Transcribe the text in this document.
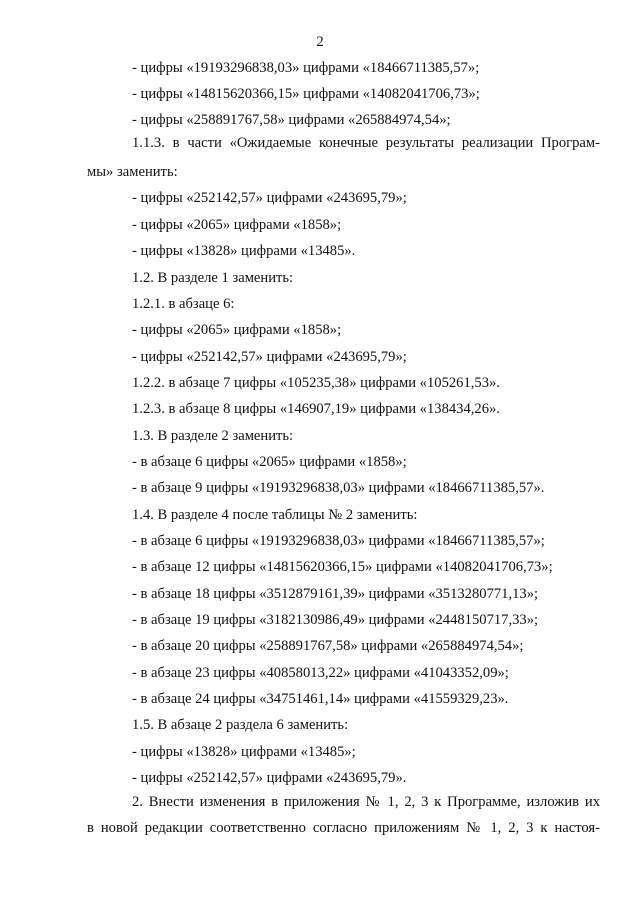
2
- цифры «19193296838,03» цифрами «18466711385,57»;
- цифры «14815620366,15» цифрами «14082041706,73»;
- цифры «258891767,58» цифрами «265884974,54»;
1.1.3. в части «Ожидаемые конечные результаты реализации Програм-
мы» заменить:
- цифры «252142,57» цифрами «243695,79»;
- цифры «2065» цифрами «1858»;
- цифры «13828» цифрами «13485».
1.2. В разделе 1 заменить:
1.2.1. в абзаце 6:
- цифры «2065» цифрами «1858»;
- цифры «252142,57» цифрами «243695,79»;
1.2.2. в абзаце 7 цифры «105235,38» цифрами «105261,53».
1.2.3. в абзаце 8 цифры «146907,19» цифрами «138434,26».
1.3. В разделе 2 заменить:
- в абзаце 6 цифры «2065» цифрами «1858»;
- в абзаце 9 цифры «19193296838,03» цифрами «18466711385,57».
1.4. В разделе 4 после таблицы № 2 заменить:
- в абзаце 6 цифры «19193296838,03» цифрами «18466711385,57»;
- в абзаце 12 цифры «14815620366,15» цифрами «14082041706,73»;
- в абзаце 18 цифры «3512879161,39» цифрами «3513280771,13»;
- в абзаце 19 цифры «3182130986,49» цифрами «2448150717,33»;
- в абзаце 20 цифры «258891767,58» цифрами «265884974,54»;
- в абзаце 23 цифры «40858013,22» цифрами «41043352,09»;
- в абзаце 24 цифры «34751461,14» цифрами «41559329,23».
1.5. В абзаце 2 раздела 6 заменить:
- цифры «13828» цифрами «13485»;
- цифры «252142,57» цифрами «243695,79».
2. Внести изменения в приложения № 1, 2, 3 к Программе, изложив их
в новой редакции соответственно согласно приложениям № 1, 2, 3 к настоя-
